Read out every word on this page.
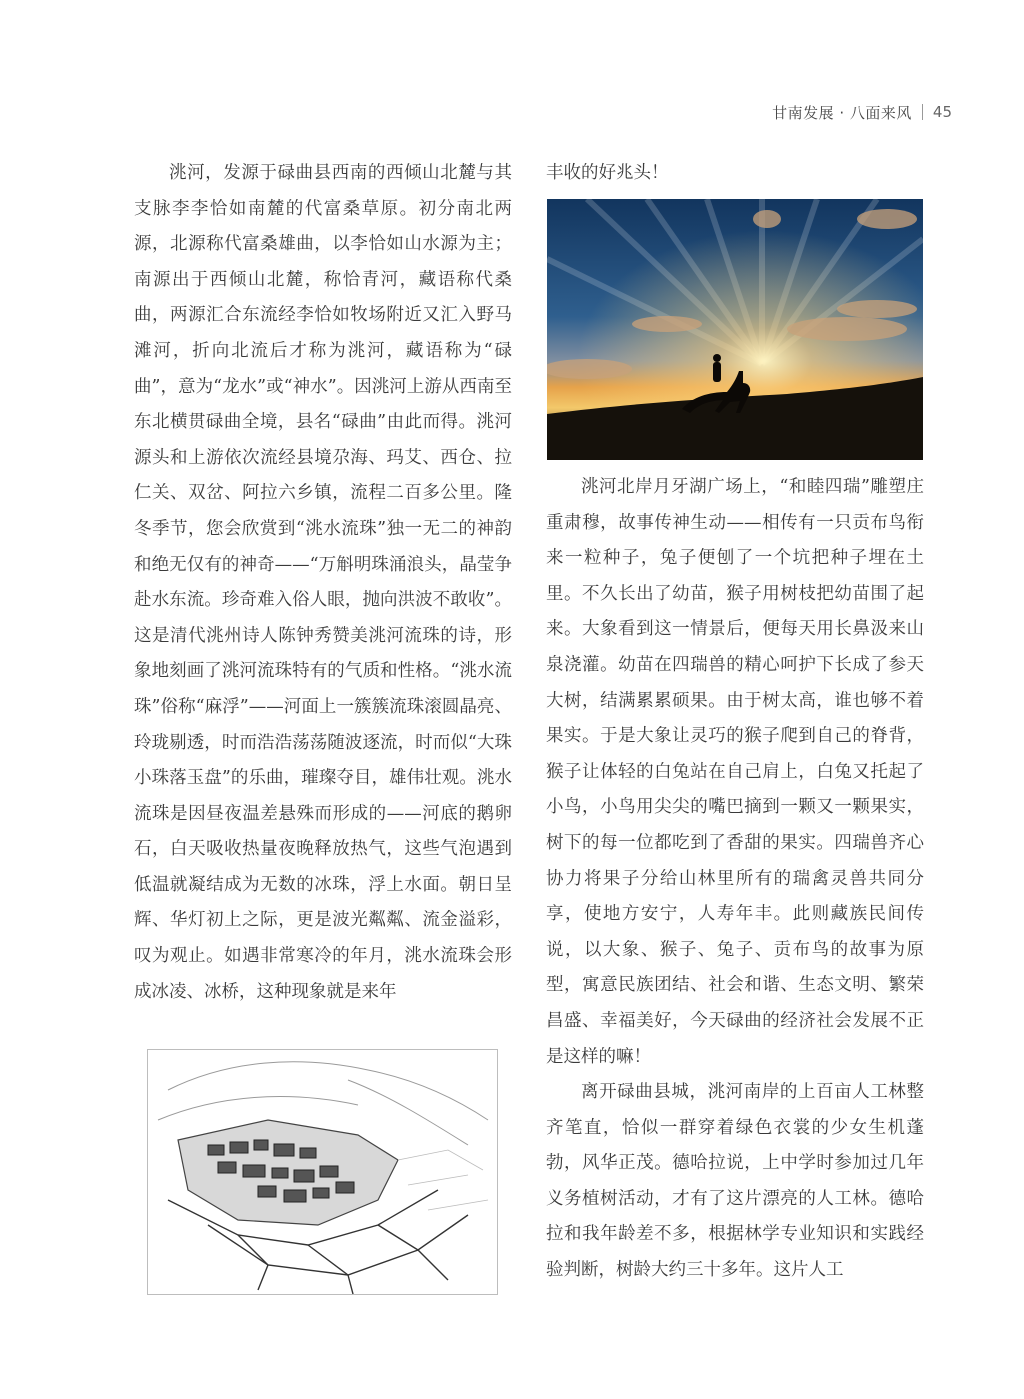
甘南发展 · 八面来风 45

洮河，发源于碌曲县西南的西倾山北麓与其支脉李李恰如南麓的代富桑草原。初分南北两源，北源称代富桑雄曲，以李恰如山水源为主；南源出于西倾山北麓，称恰青河，藏语称代桑曲，两源汇合东流经李恰如牧场附近又汇入野马滩河，折向北流后才称为洮河，藏语称为“碌曲”，意为“龙水”或“神水”。因洮河上游从西南至东北横贯碌曲全境，县名“碌曲”由此而得。洮河源头和上游依次流经县境尕海、玛艾、西仓、拉仁关、双岔、阿拉六乡镇，流程二百多公里。隆冬季节，您会欣赏到“洮水流珠”独一无二的神韵和绝无仅有的神奇——“万斛明珠涌浪头，晶莹争赴水东流。珍奇难入俗人眼，抛向洪波不敢收”。这是清代洮州诗人陈钟秀赞美洮河流珠的诗，形象地刻画了洮河流珠特有的气质和性格。“洮水流珠”俗称“麻浮”——河面上一簇簇流珠滚圆晶亮、玲珑剔透，时而浩浩荡荡随波逐流，时而似“大珠小珠落玉盘”的乐曲，璀璨夺目，雄伟壮观。洮水流珠是因昼夜温差悬殊而形成的——河底的鹅卵石，白天吸收热量夜晚释放热气，这些气泡遇到低温就凝结成为无数的冰珠，浮上水面。朝日呈辉、华灯初上之际，更是波光粼粼、流金溢彩，叹为观止。如遇非常寒冷的年月，洮水流珠会形成冰凌、冰桥，这种现象就是来年

丰收的好兆头！

洮河北岸月牙湖广场上，“和睦四瑞”雕塑庄重肃穆，故事传神生动——相传有一只贡布鸟衔来一粒种子，兔子便刨了一个坑把种子埋在土里。不久长出了幼苗，猴子用树枝把幼苗围了起来。大象看到这一情景后，便每天用长鼻汲来山泉浇灌。幼苗在四瑞兽的精心呵护下长成了参天大树，结满累累硕果。由于树太高，谁也够不着果实。于是大象让灵巧的猴子爬到自己的脊背，猴子让体轻的白兔站在自己肩上，白兔又托起了小鸟，小鸟用尖尖的嘴巴摘到一颗又一颗果实，树下的每一位都吃到了香甜的果实。四瑞兽齐心协力将果子分给山林里所有的瑞禽灵兽共同分享，使地方安宁，人寿年丰。此则藏族民间传说，以大象、猴子、兔子、贡布鸟的故事为原型，寓意民族团结、社会和谐、生态文明、繁荣昌盛、幸福美好，今天碌曲的经济社会发展不正是这样的嘛！

离开碌曲县城，洮河南岸的上百亩人工林整齐笔直，恰似一群穿着绿色衣裳的少女生机蓬勃，风华正茂。德哈拉说，上中学时参加过几年义务植树活动，才有了这片漂亮的人工林。德哈拉和我年龄差不多，根据林学专业知识和实践经验判断，树龄大约三十多年。这片人工
